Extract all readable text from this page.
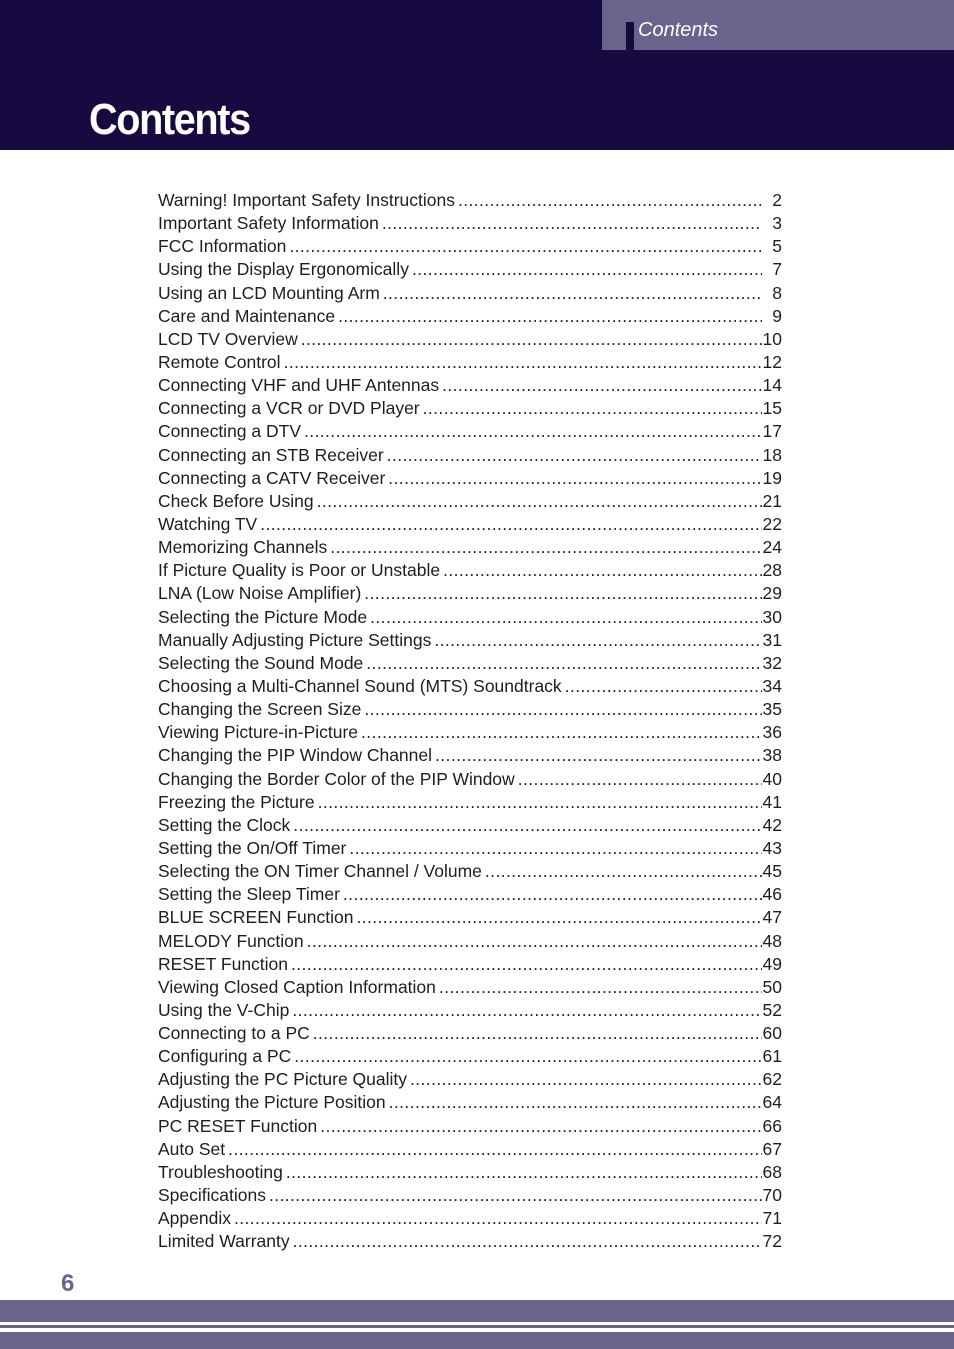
Contents
Contents
Warning! Important Safety Instructions .....	2
Important Safety Information .....	3
FCC Information .....	5
Using the Display Ergonomically .....	7
Using an LCD Mounting Arm .....	8
Care and Maintenance .....	9
LCD TV Overview .....	10
Remote Control .....	12
Connecting VHF and UHF Antennas .....	14
Connecting a VCR or DVD Player .....	15
Connecting a DTV .....	17
Connecting an STB Receiver .....	18
Connecting a CATV Receiver .....	19
Check Before Using .....	21
Watching TV .....	22
Memorizing Channels .....	24
If Picture Quality is Poor or Unstable .....	28
LNA (Low Noise Amplifier) .....	29
Selecting the Picture Mode .....	30
Manually Adjusting Picture Settings .....	31
Selecting the Sound Mode .....	32
Choosing a Multi-Channel Sound (MTS) Soundtrack .....	34
Changing the Screen Size .....	35
Viewing Picture-in-Picture .....	36
Changing the PIP Window Channel .....	38
Changing the Border Color of the PIP Window .....	40
Freezing the Picture .....	41
Setting the Clock .....	42
Setting the On/Off Timer .....	43
Selecting the ON Timer Channel / Volume .....	45
Setting the Sleep Timer .....	46
BLUE SCREEN Function .....	47
MELODY Function .....	48
RESET Function .....	49
Viewing Closed Caption Information .....	50
Using the V-Chip .....	52
Connecting to a PC .....	60
Configuring a PC .....	61
Adjusting the PC Picture Quality .....	62
Adjusting the Picture Position .....	64
PC RESET Function .....	66
Auto Set .....	67
Troubleshooting .....	68
Specifications .....	70
Appendix .....	71
Limited Warranty .....	72
6
